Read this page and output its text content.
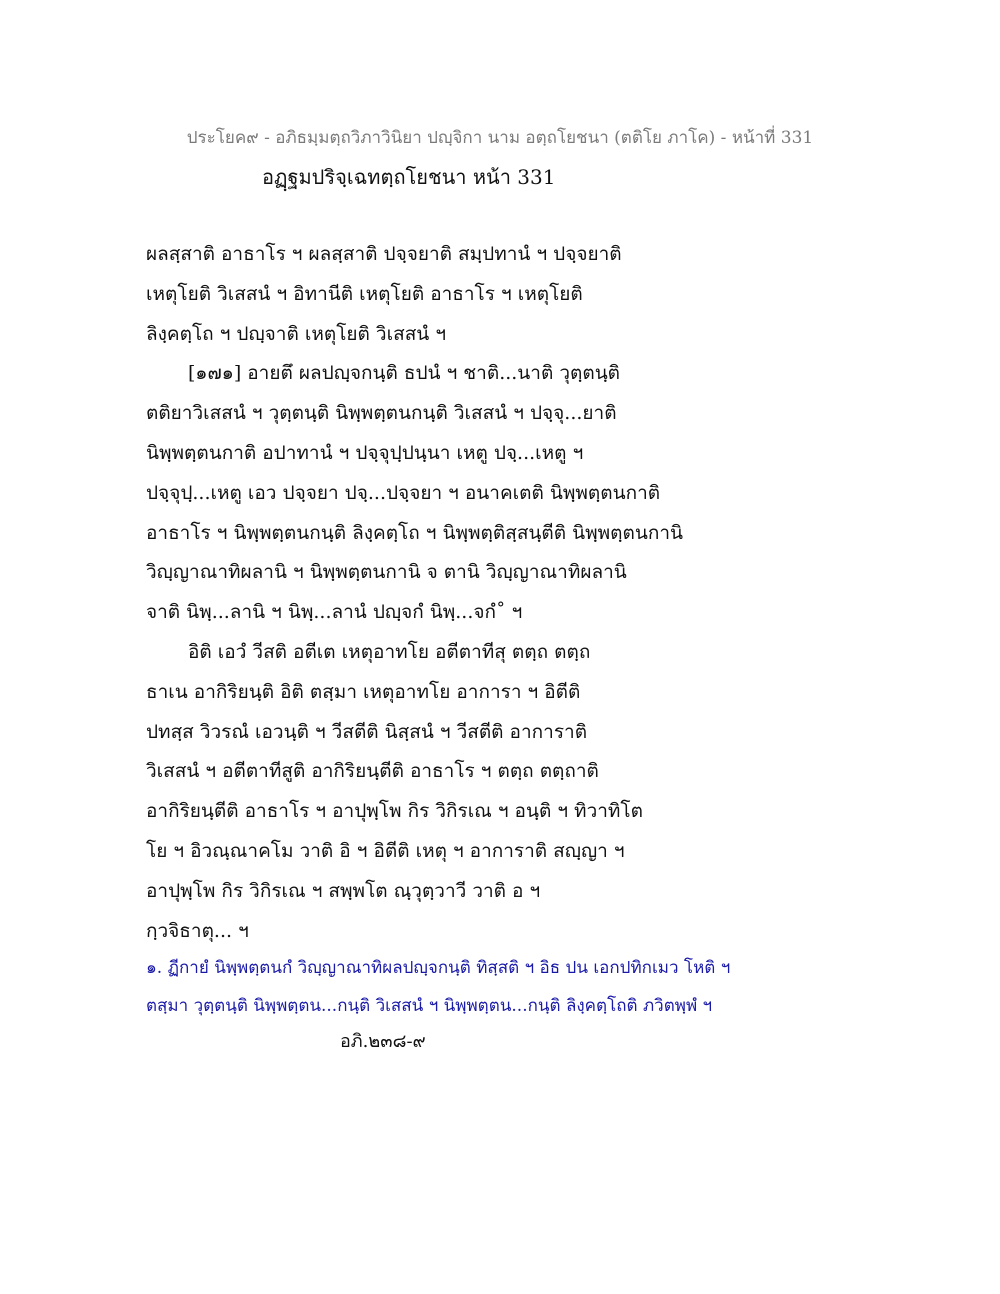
ประโยค๙ - อภิธมฺมตฺถวิภาวินิยา ปญฺจิกา นาม อตฺถโยชนา (ตติโย ภาโค) - หน้าที่ 331
อฏฺฐมปริจฺเฉทตฺถโยชนา หน้า 331
ผลสฺสาติ อาธาโร ฯ ผลสฺสาติ ปจฺจยาติ สมฺปทานํ ฯ ปจฺจยาติ
เหตุโยติ วิเสสนํ ฯ อิทานีติ เหตุโยติ อาธาโร ฯ เหตุโยติ
ลิงฺคตฺโถ ฯ ปญฺจาติ เหตุโยติ วิเสสนํ ฯ
[๑๗๑] อายตึ ผลปญฺจกนฺติ ธปนํ ฯ ชาติ...นาติ วุตฺตนฺติ
ตติยาวิเสสนํ ฯ วุตฺตนฺติ นิพฺพตฺตนกนฺติ วิเสสนํ ฯ ปจฺจุ...ยาติ
นิพฺพตฺตนกาติ อปาทานํ ฯ ปจฺจุปฺปนฺนา เหตู ปจฺ...เหตู ฯ
ปจฺจุปฺ...เหตู เอว ปจฺจยา ปจฺ...ปจฺจยา ฯ อนาคเตติ นิพฺพตฺตนกาติ
อาธาโร ฯ นิพฺพตฺตนกนฺติ ลิงฺคตฺโถ ฯ นิพฺพตฺติสฺสนฺตีติ นิพฺพตฺตนกานิ
วิญฺญาณาทิผลานิ ฯ นิพฺพตฺตนกานิ จ ตานิ วิญฺญาณาทิผลานิ
จาติ นิพฺ...ลานิ ฯ นิพฺ...ลานํ ปญฺจกํ นิพฺ...จกํ˚ ฯ
อิติ เอวํ วีสติ อตีเต เหตุอาทโย อตีตาทีสุ ตตฺถ ตตฺถ
ธาเน อากิริยนฺติ อิติ ตสฺมา เหตุอาทโย อาการา ฯ อิตีติ
ปทสฺส วิวรณํ เอวนฺติ ฯ วีสตีติ นิสฺสนํ ฯ วีสตีติ อาการาติ
วิเสสนํ ฯ อตีตาทีสูติ อากิริยนฺตีติ อาธาโร ฯ ตตฺถ ตตฺถาติ
อากิริยนฺตีติ อาธาโร ฯ อาปุพฺโพ กิร วิกิรเณ ฯ อนฺติ ฯ ทิวาทิโต
โย ฯ อิวณฺณาคโม วาติ อิ ฯ อิตีติ เหตุ ฯ อาการาติ สญฺญา ฯ
อาปุพฺโพ กิร วิกิรเณ ฯ สพฺพโต ณฺวุตฺวาวี วาติ อ ฯ
กฺวจิธาตุ... ฯ
๑. ฏีกายํ นิพฺพตฺตนกํ วิญฺญาณาทิผลปญฺจกนฺติ ทิสฺสติ ฯ อิธ ปน เอกปทิกเมว โหติ ฯ
ตสฺมา วุตฺตนฺติ นิพฺพตฺตน...กนฺติ วิเสสนํ ฯ นิพฺพตฺตน...กนฺติ ลิงฺคตฺโถติ ภวิตพฺพํ ฯ
อภิ.๒๓๘-๙
